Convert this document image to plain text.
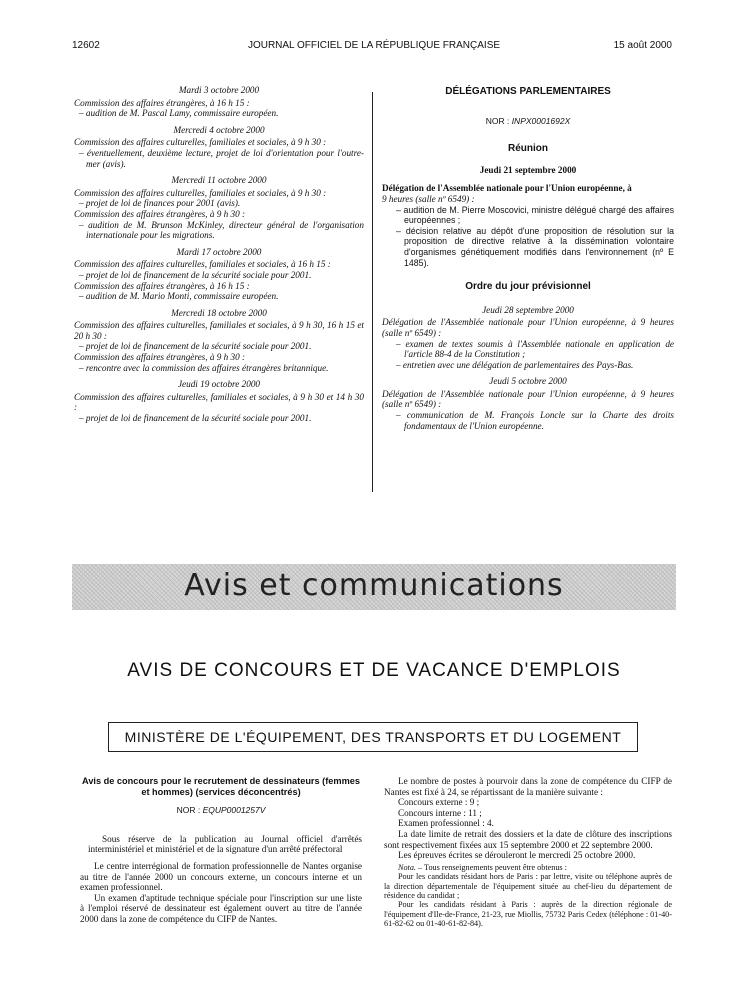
12602	JOURNAL OFFICIEL DE LA RÉPUBLIQUE FRANÇAISE	15 août 2000
Mardi 3 octobre 2000
Commission des affaires étrangères, à 16 h 15 :
– audition de M. Pascal Lamy, commissaire européen.
Mercredi 4 octobre 2000
Commission des affaires culturelles, familiales et sociales, à 9 h 30 :
– éventuellement, deuxième lecture, projet de loi d'orientation pour l'outre-mer (avis).
Mercredi 11 octobre 2000
Commission des affaires culturelles, familiales et sociales, à 9 h 30 :
– projet de loi de finances pour 2001 (avis).
Commission des affaires étrangères, à 9 h 30 :
– audition de M. Brunson McKinley, directeur général de l'organisation internationale pour les migrations.
Mardi 17 octobre 2000
Commission des affaires culturelles, familiales et sociales, à 16 h 15 :
– projet de loi de financement de la sécurité sociale pour 2001.
Commission des affaires étrangères, à 16 h 15 :
– audition de M. Mario Monti, commissaire européen.
Mercredi 18 octobre 2000
Commission des affaires culturelles, familiales et sociales, à 9 h 30, 16 h 15 et 20 h 30 :
– projet de loi de financement de la sécurité sociale pour 2001.
Commission des affaires étrangères, à 9 h 30 :
– rencontre avec la commission des affaires étrangères britannique.
Jeudi 19 octobre 2000
Commission des affaires culturelles, familiales et sociales, à 9 h 30 et 14 h 30 :
– projet de loi de financement de la sécurité sociale pour 2001.
DÉLÉGATIONS PARLEMENTAIRES
NOR : INPX0001692X
Réunion
Jeudi 21 septembre 2000
Délégation de l'Assemblée nationale pour l'Union européenne, à
9 heures (salle nº 6549) :
– audition de M. Pierre Moscovici, ministre délégué chargé des affaires européennes ;
– décision relative au dépôt d'une proposition de résolution sur la proposition de directive relative à la dissémination volontaire d'organismes génétiquement modifiés dans l'environnement (nº E 1485).
Ordre du jour prévisionnel
Jeudi 28 septembre 2000
Délégation de l'Assemblée nationale pour l'Union européenne, à 9 heures (salle nº 6549) :
– examen de textes soumis à l'Assemblée nationale en application de l'article 88-4 de la Constitution ;
– entretien avec une délégation de parlementaires des Pays-Bas.
Jeudi 5 octobre 2000
Délégation de l'Assemblée nationale pour l'Union européenne, à 9 heures (salle nº 6549) :
– communication de M. François Loncle sur la Charte des droits fondamentaux de l'Union européenne.
Avis et communications
AVIS DE CONCOURS ET DE VACANCE D'EMPLOIS
MINISTÈRE DE L'ÉQUIPEMENT, DES TRANSPORTS ET DU LOGEMENT
Avis de concours pour le recrutement de dessinateurs (femmes et hommes) (services déconcentrés)
NOR : EQUP0001257V
Sous réserve de la publication au Journal officiel d'arrêtés interministériel et ministériel et de la signature d'un arrêté préfectoral
Le centre interrégional de formation professionnelle de Nantes organise au titre de l'année 2000 un concours externe, un concours interne et un examen professionnel.
Un examen d'aptitude technique spéciale pour l'inscription sur une liste à l'emploi réservé de dessinateur est également ouvert au titre de l'année 2000 dans la zone de compétence du CIFP de Nantes.
Le nombre de postes à pourvoir dans la zone de compétence du CIFP de Nantes est fixé à 24, se répartissant de la manière suivante :
Concours externe : 9 ;
Concours interne : 11 ;
Examen professionnel : 4.
La date limite de retrait des dossiers et la date de clôture des inscriptions sont respectivement fixées aux 15 septembre 2000 et 22 septembre 2000.
Les épreuves écrites se dérouleront le mercredi 25 octobre 2000.
Nota. – Tous renseignements peuvent être obtenus :
Pour les candidats résidant hors de Paris : par lettre, visite ou téléphone auprès de la direction départementale de l'équipement située au chef-lieu du département de résidence du candidat ;
Pour les candidats résidant à Paris : auprès de la direction régionale de l'équipement d'Ile-de-France, 21-23, rue Miollis, 75732 Paris Cedex (téléphone : 01-40-61-82-62 ou 01-40-61-82-84).
